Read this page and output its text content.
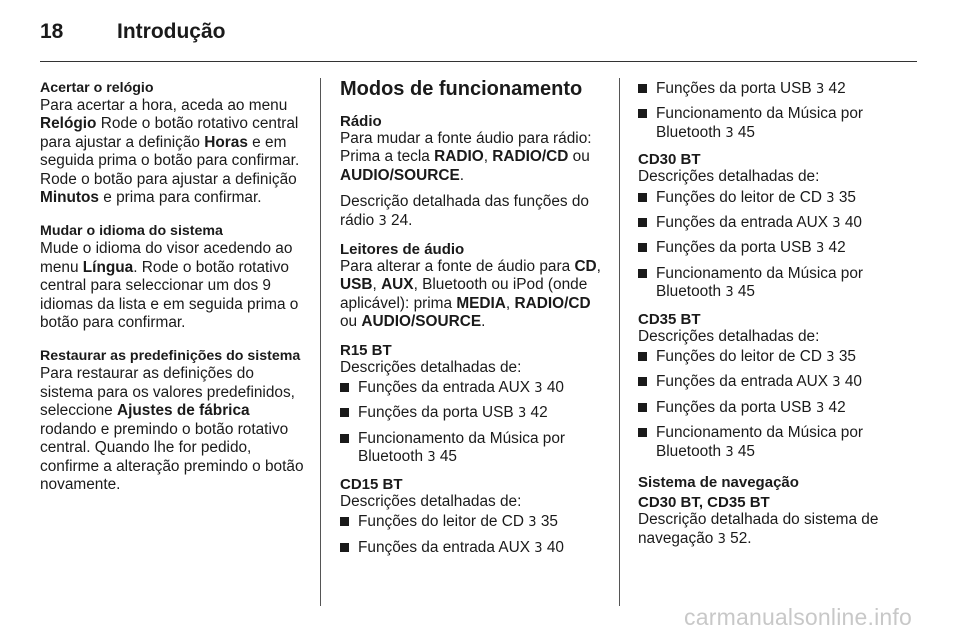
18	Introdução
Acertar o relógio

Para acertar a hora, aceda ao menu Relógio Rode o botão rotativo central para ajustar a definição Horas e em seguida prima o botão para confirmar. Rode o botão para ajustar a definição Minutos e prima para confirmar.

Mudar o idioma do sistema

Mude o idioma do visor acedendo ao menu Língua. Rode o botão rotativo central para seleccionar um dos 9 idiomas da lista e em seguida prima o botão para confirmar.

Restaurar as predefinições do sistema

Para restaurar as definições do sistema para os valores predefinidos, seleccione Ajustes de fábrica rodando e premindo o botão rotativo central. Quando lhe for pedido, confirme a alteração premindo o botão novamente.

Modos de funcionamento
Rádio

Para mudar a fonte áudio para rádio: Prima a tecla RADIO, RADIO/CD ou AUDIO/SOURCE.

Descrição detalhada das funções do rádio 3 24.

Leitores de áudio

Para alterar a fonte de áudio para CD, USB, AUX, Bluetooth ou iPod (onde aplicável): prima MEDIA, RADIO/CD ou AUDIO/SOURCE.

R15 BT

Descrições detalhadas de:

Funções da entrada AUX 3 40
Funções da porta USB 3 42
Funcionamento da Música por Bluetooth 3 45
CD15 BT

Descrições detalhadas de:

Funções do leitor de CD 3 35
Funções da entrada AUX 3 40
Funções da porta USB 3 42
Funcionamento da Música por Bluetooth 3 45
CD30 BT

Descrições detalhadas de:

Funções do leitor de CD 3 35
Funções da entrada AUX 3 40
Funções da porta USB 3 42
Funcionamento da Música por Bluetooth 3 45
CD35 BT

Descrições detalhadas de:

Funções do leitor de CD 3 35
Funções da entrada AUX 3 40
Funções da porta USB 3 42
Funcionamento da Música por Bluetooth 3 45
Sistema de navegação
CD30 BT, CD35 BT

Descrição detalhada do sistema de navegação 3 52.

carmanualsonline.info
